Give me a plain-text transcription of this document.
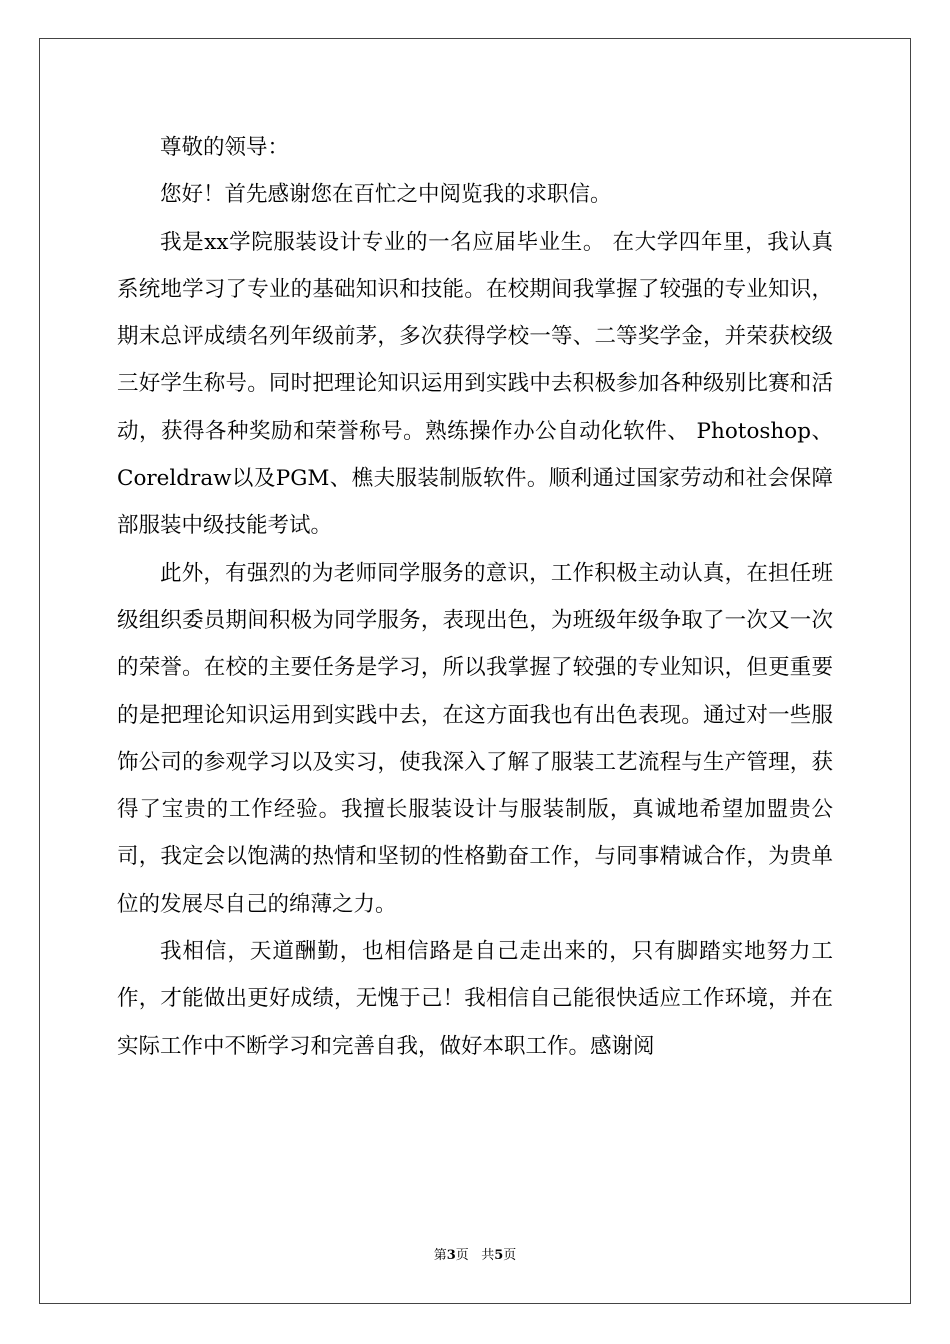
尊敬的领导：

您好！首先感谢您在百忙之中阅览我的求职信。

我是xx学院服装设计专业的一名应届毕业生。 在大学四年里，我认真系统地学习了专业的基础知识和技能。在校期间我掌握了较强的专业知识，期末总评成绩名列年级前茅，多次获得学校一等、二等奖学金，并荣获校级三好学生称号。同时把理论知识运用到实践中去积极参加各种级别比赛和活动，获得各种奖励和荣誉称号。熟练操作办公自动化软件、 Photoshop、Coreldraw以及PGM、樵夫服装制版软件。顺利通过国家劳动和社会保障部服装中级技能考试。

此外，有强烈的为老师同学服务的意识，工作积极主动认真，在担任班级组织委员期间积极为同学服务，表现出色，为班级年级争取了一次又一次的荣誉。在校的主要任务是学习，所以我掌握了较强的专业知识，但更重要的是把理论知识运用到实践中去，在这方面我也有出色表现。通过对一些服饰公司的参观学习以及实习，使我深入了解了服装工艺流程与生产管理，获得了宝贵的工作经验。我擅长服装设计与服装制版，真诚地希望加盟贵公司，我定会以饱满的热情和坚韧的性格勤奋工作，与同事精诚合作，为贵单位的发展尽自己的绵薄之力。

我相信，天道酬勤，也相信路是自己走出来的，只有脚踏实地努力工作，才能做出更好成绩，无愧于己！我相信自己能很快适应工作环境，并在实际工作中不断学习和完善自我，做好本职工作。感谢阅

第3页 共5页
